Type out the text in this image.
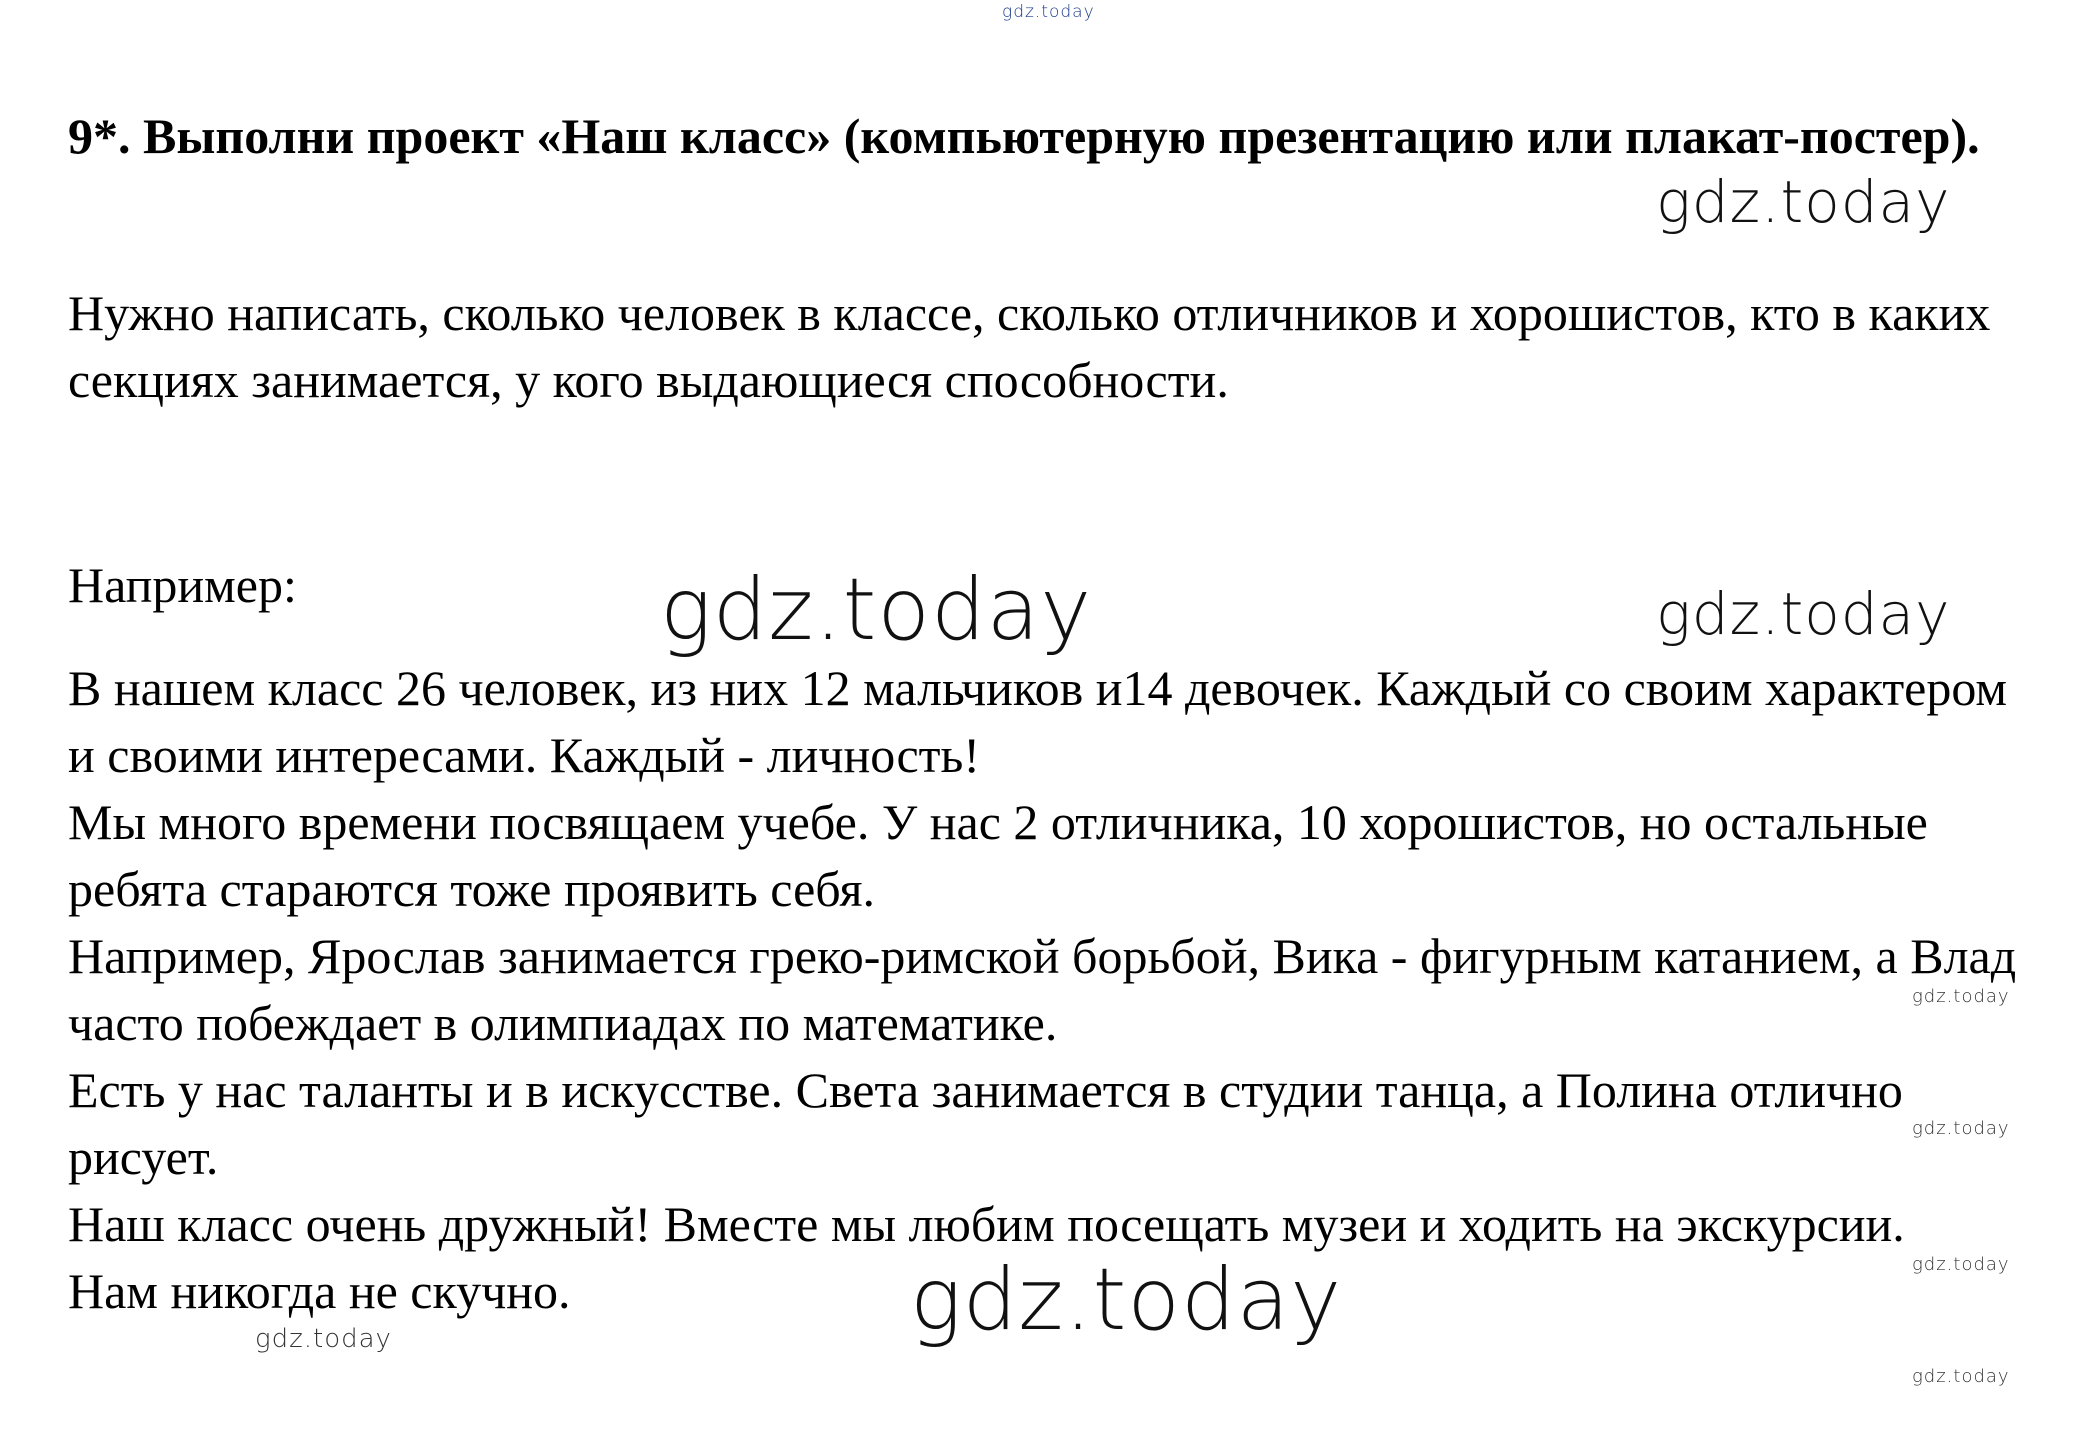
9*. Выполни проект «Наш класс» (компьютерную презентацию или плакат-постер).

Нужно написать, сколько человек в классе, сколько отличников и хорошистов, кто в каких секциях занимается, у кого выдающиеся способности.

Например:

В нашем класс 26 человек, из них 12 мальчиков и14 девочек. Каждый со своим характером и своими интересами. Каждый - личность!

Мы много времени посвящаем учебе. У нас 2 отличника, 10 хорошистов, но остальные ребята стараются тоже проявить себя.

Например, Ярослав занимается греко-римской борьбой, Вика - фигурным катанием, а Влад часто побеждает в олимпиадах по математике.

Есть у нас таланты и в искусстве. Света занимается в студии танца, а Полина отлично рисует.

Наш класс очень дружный! Вместе мы любим посещать музеи и ходить на экскурсии.

Нам никогда не скучно.

gdz.today
gdz.today
gdz.today	gdz.today
gdz.today
gdz.today
gdz.today
gdz.today
gdz.today
gdz.today
